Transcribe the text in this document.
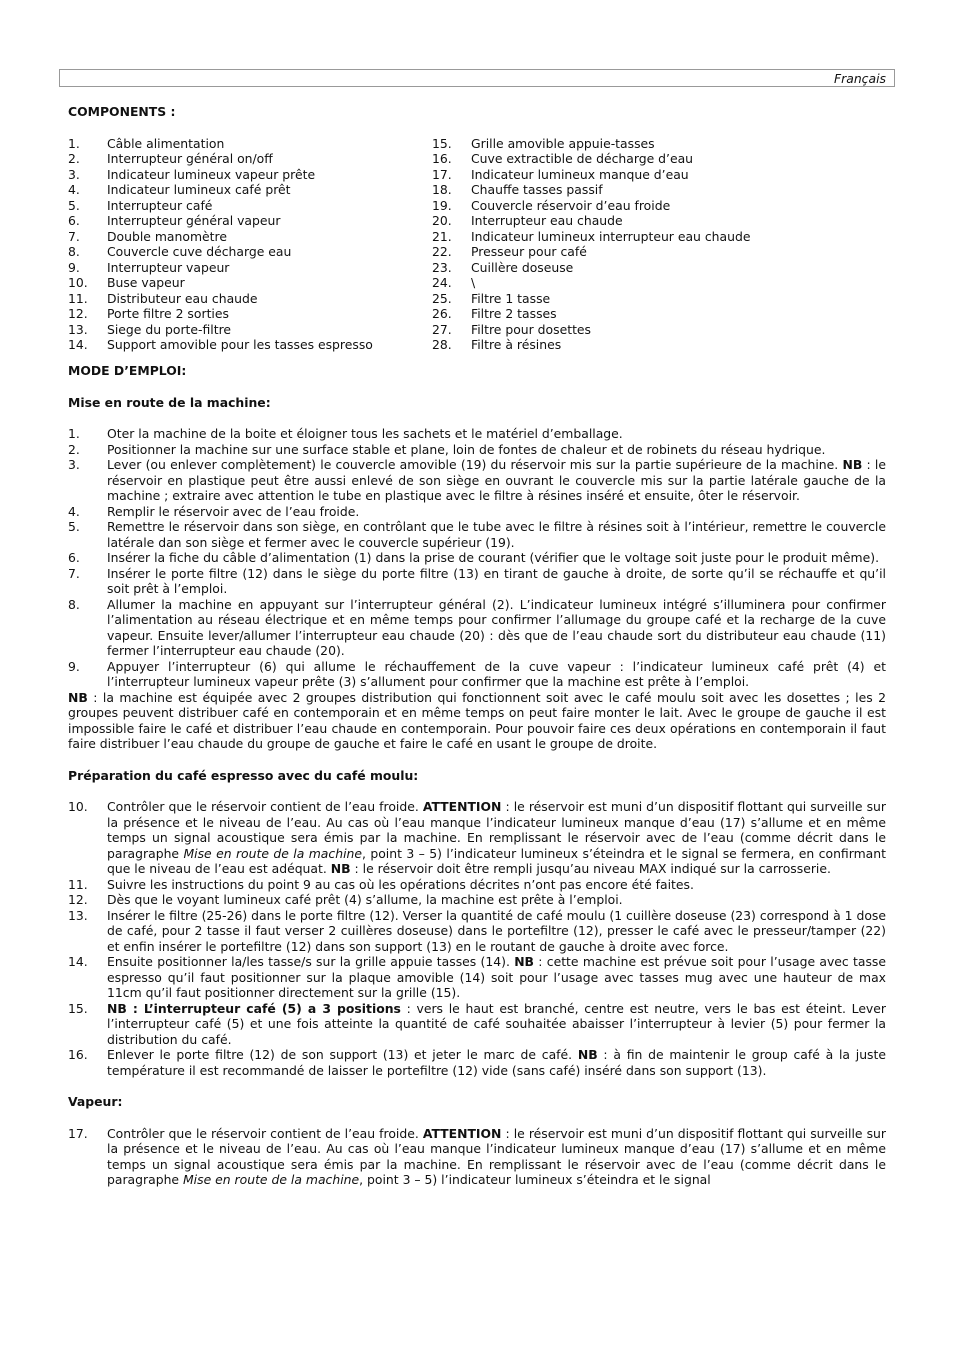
Français

COMPONENTS :

1.	Câble alimentation
2.	Interrupteur général on/off
3.	Indicateur lumineux vapeur prête
4.	Indicateur lumineux café prêt
5.	Interrupteur café
6.	Interrupteur général vapeur
7.	Double manomètre
8.	Couvercle cuve décharge eau
9.	Interrupteur vapeur
10.	Buse vapeur
11.	Distributeur eau chaude
12.	Porte filtre 2 sorties
13.	Siege du porte-filtre
14.	Support amovible pour les tasses espresso
15.	Grille amovible appuie-tasses
16.	Cuve extractible de décharge d’eau
17.	Indicateur lumineux manque d’eau
18.	Chauffe tasses passif
19.	Couvercle réservoir d’eau froide
20.	Interrupteur eau chaude
21.	Indicateur lumineux interrupteur eau chaude
22.	Presseur pour café
23.	Cuillère doseuse
24.	\
25.	Filtre 1 tasse
26.	Filtre 2 tasses
27.	Filtre pour dosettes
28.	Filtre à résines

MODE D’EMPLOI:

Mise en route de la machine:

1.	Oter la machine de la boite et éloigner tous les sachets et le matériel d’emballage.
2.	Positionner la machine sur une surface stable et plane, loin de fontes de chaleur et de robinets du réseau hydrique.
3.	Lever (ou enlever complètement) le couvercle amovible (19) du réservoir mis sur la partie supérieure de la machine. NB : le réservoir en plastique peut être aussi enlevé de son siège en ouvrant le couvercle mis sur la partie latérale gauche de la machine ; extraire avec attention le tube en plastique avec le filtre à résines inséré et ensuite, ôter le réservoir.
4.	Remplir le réservoir avec de l’eau froide.
5.	Remettre le réservoir dans son siège, en contrôlant que le tube avec le filtre à résines soit à l’intérieur, remettre le couvercle latérale dan son siège et fermer avec le couvercle supérieur (19).
6.	Insérer la fiche du câble d’alimentation (1) dans la prise de courant (vérifier que le voltage soit juste pour le produit même).
7.	Insérer le porte filtre (12) dans le siège du porte filtre (13) en tirant de gauche à droite, de sorte qu’il se réchauffe et qu’il soit prêt à l’emploi.
8.	Allumer la machine en appuyant sur l’interrupteur général (2). L’indicateur lumineux intégré s’illuminera pour confirmer l’alimentation au réseau électrique et en même temps pour confirmer l’allumage du groupe café et la recharge de la cuve vapeur. Ensuite lever/allumer l’interrupteur eau chaude (20) : dès que de l’eau chaude sort du distributeur eau chaude (11) fermer l’interrupteur eau chaude (20).
9.	Appuyer l’interrupteur (6) qui allume le réchauffement de la cuve vapeur : l’indicateur lumineux café prêt (4) et l’interrupteur lumineux vapeur prête (3) s’allument pour confirmer que la machine est prête à l’emploi.
NB : la machine est équipée avec 2 groupes distribution qui fonctionnent soit avec le café moulu soit avec les dosettes ; les 2 groupes peuvent distribuer café en contemporain et en même temps on peut faire monter le lait. Avec le groupe de gauche il est impossible faire le café et distribuer l’eau chaude en contemporain. Pour pouvoir faire ces deux opérations en contemporain il faut faire distribuer l’eau chaude du groupe de gauche et faire le café en usant le groupe de droite.

Préparation du café espresso avec du café moulu:

10.	Contrôler que le réservoir contient de l’eau froide. ATTENTION : le réservoir est muni d’un dispositif flottant qui surveille sur la présence et le niveau de l’eau. Au cas où l’eau manque l’indicateur lumineux manque d’eau (17) s’allume et en même temps un signal acoustique sera émis par la machine. En remplissant le réservoir avec de l’eau (comme décrit dans le paragraphe Mise en route de la machine, point 3 – 5) l’indicateur lumineux s’éteindra et le signal se fermera, en confirmant que le niveau de l’eau est adéquat. NB : le réservoir doit être rempli jusqu’au niveau MAX indiqué sur la carrosserie.
11.	Suivre les instructions du point 9 au cas où les opérations décrites n’ont pas encore été faites.
12.	Dès que le voyant lumineux café prêt (4) s’allume, la machine est prête à l’emploi.
13.	Insérer le filtre (25-26) dans le porte filtre (12). Verser la quantité de café moulu (1 cuillère doseuse (23) correspond à 1 dose de café, pour 2 tasse il faut verser 2 cuillères doseuse) dans le portefiltre (12), presser le café avec le presseur/tamper (22) et enfin insérer le portefiltre (12) dans son support (13) en le routant de gauche à droite avec force.
14.	Ensuite positionner la/les tasse/s sur la grille appuie tasses (14). NB : cette machine est prévue soit pour l’usage avec tasse espresso qu’il faut positionner sur la plaque amovible (14) soit pour l’usage avec tasses mug avec une hauteur de max 11cm qu’il faut positionner directement sur la grille (15).
15.	NB : L’interrupteur café (5) a 3 positions : vers le haut est branché, centre est neutre, vers le bas est éteint. Lever l’interrupteur café (5) et une fois atteinte la quantité de café souhaitée abaisser l’interrupteur à levier (5) pour fermer la distribution du café.
16.	Enlever le porte filtre (12) de son support (13) et jeter le marc de café. NB : à fin de maintenir le group café à la juste température il est recommandé de laisser le portefiltre (12) vide (sans café) inséré dans son support (13).

Vapeur:

17.	Contrôler que le réservoir contient de l’eau froide. ATTENTION : le réservoir est muni d’un dispositif flottant qui surveille sur la présence et le niveau de l’eau. Au cas où l’eau manque l’indicateur lumineux manque d’eau (17) s’allume et en même temps un signal acoustique sera émis par la machine. En remplissant le réservoir avec de l’eau (comme décrit dans le paragraphe Mise en route de la machine, point 3 – 5) l’indicateur lumineux s’éteindra et le signal
